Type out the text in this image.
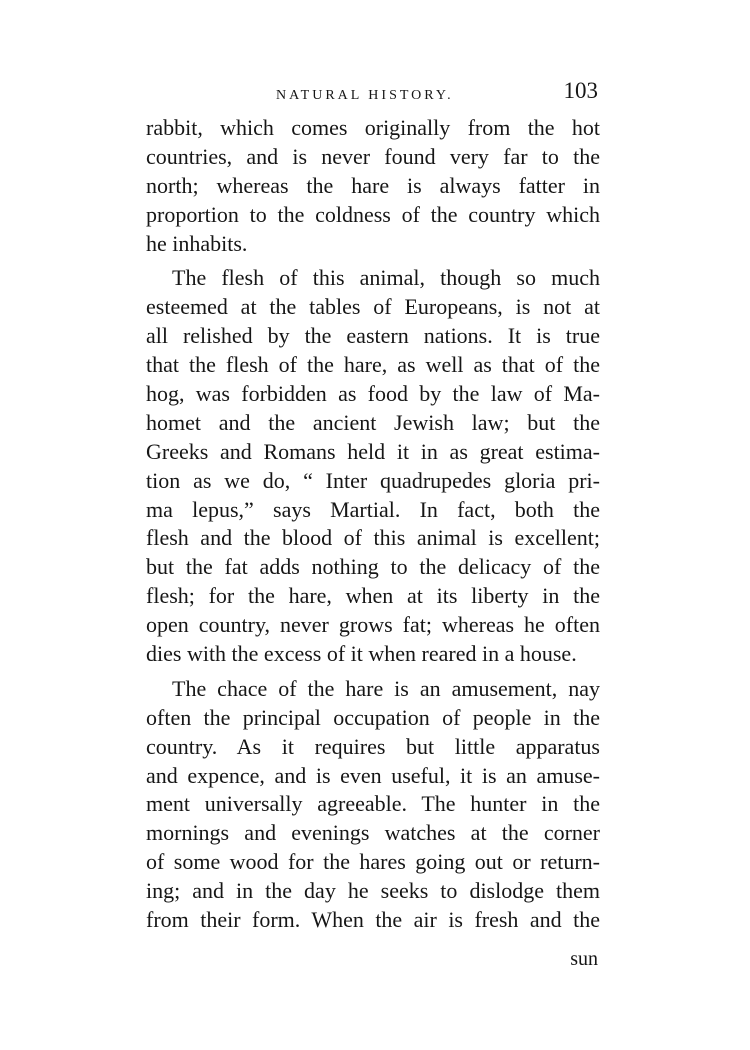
NATURAL HISTORY.	103
rabbit, which comes originally from the hot
countries, and is never found very far to the
north; whereas the hare is always fatter in
proportion to the coldness of the country which
he inhabits.
The flesh of this animal, though so much
esteemed at the tables of Europeans, is not at
all relished by the eastern nations. It is true
that the flesh of the hare, as well as that of the
hog, was forbidden as food by the law of Ma-
homet and the ancient Jewish law; but the
Greeks and Romans held it in as great estima-
tion as we do, “ Inter quadrupedes gloria pri-
ma lepus,” says Martial. In fact, both the
flesh and the blood of this animal is excellent;
but the fat adds nothing to the delicacy of the
flesh; for the hare, when at its liberty in the
open country, never grows fat; whereas he often
dies with the excess of it when reared in a house.
The chace of the hare is an amusement, nay
often the principal occupation of people in the
country. As it requires but little apparatus
and expence, and is even useful, it is an amuse-
ment universally agreeable. The hunter in the
mornings and evenings watches at the corner
of some wood for the hares going out or return-
ing; and in the day he seeks to dislodge them
from their form. When the air is fresh and the
sun
